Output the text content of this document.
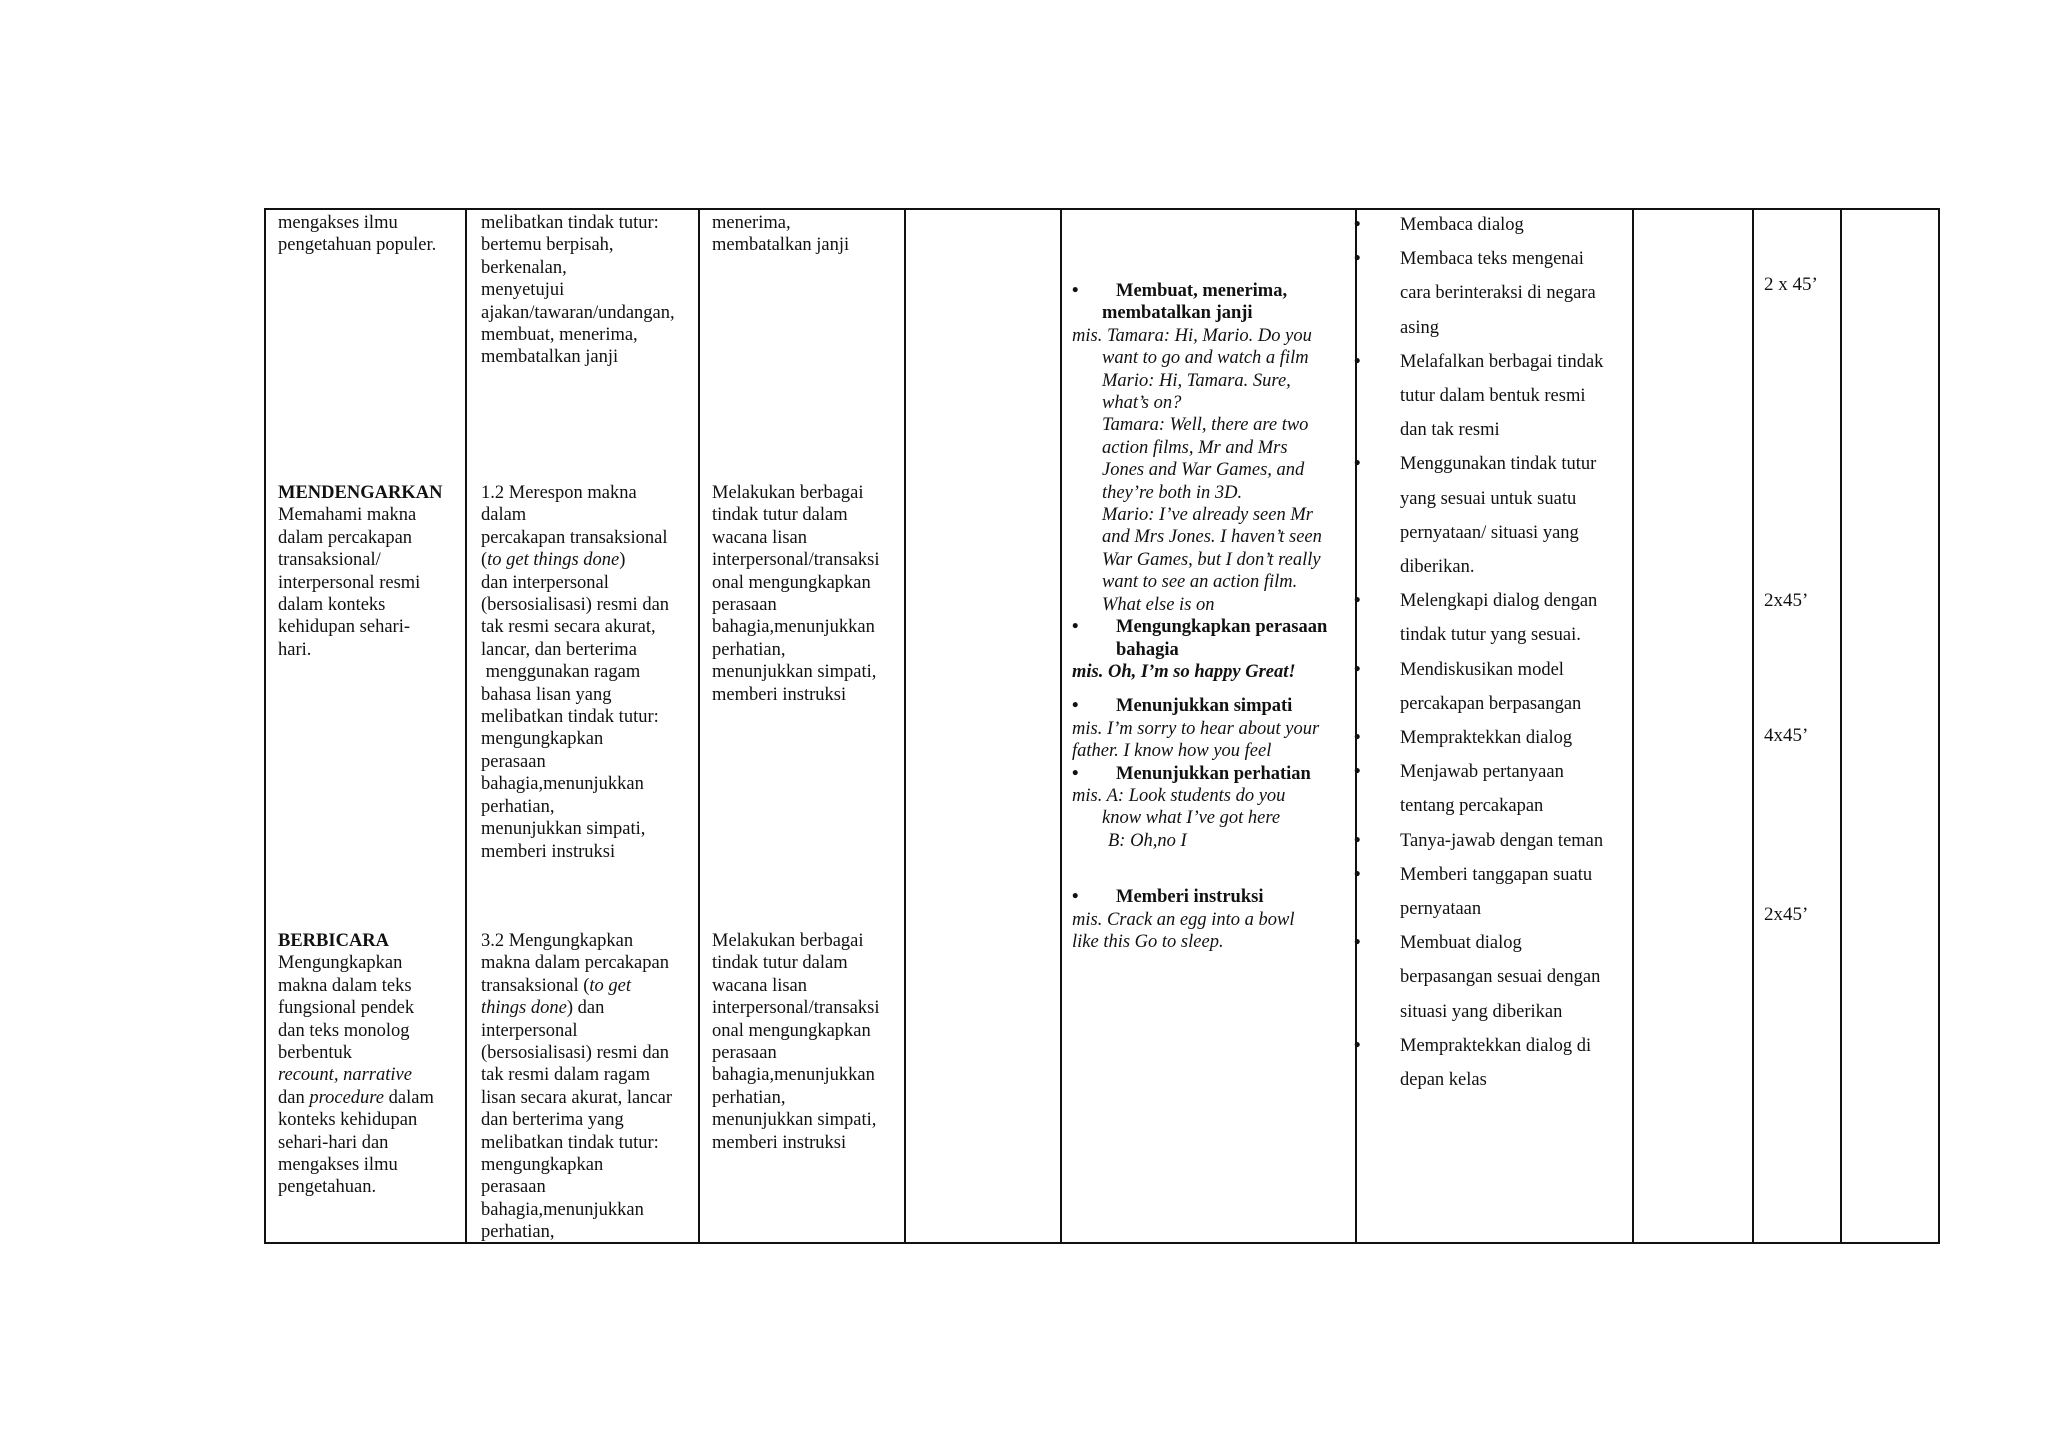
mengakses ilmu
pengetahuan populer.
MENDENGARKAN
Memahami makna
dalam percakapan
transaksional/
interpersonal resmi
dalam konteks
kehidupan sehari-
hari.
BERBICARA
Mengungkapkan
makna dalam teks
fungsional pendek
dan teks monolog
berbentuk
recount, narrative
dan procedure dalam
konteks kehidupan
sehari-hari dan
mengakses ilmu
pengetahuan.
melibatkan tindak tutur:
bertemu berpisah,
berkenalan,
menyetujui
ajakan/tawaran/undangan,
membuat, menerima,
membatalkan janji
1.2 Merespon makna
dalam
percakapan transaksional
(to get things done)
dan interpersonal
(bersosialisasi) resmi dan
tak resmi secara akurat,
lancar, dan berterima
menggunakan ragam
bahasa lisan yang
melibatkan tindak tutur:
mengungkapkan
perasaan
bahagia,menunjukkan
perhatian,
menunjukkan simpati,
memberi instruksi
3.2 Mengungkapkan
makna dalam percakapan
transaksional (to get
things done) dan
interpersonal
(bersosialisasi) resmi dan
tak resmi dalam ragam
lisan secara akurat, lancar
dan berterima yang
melibatkan tindak tutur:
mengungkapkan
perasaan
bahagia,menunjukkan
perhatian,
menerima,
membatalkan janji
Melakukan berbagai
tindak tutur dalam
wacana lisan
interpersonal/transaksi
onal mengungkapkan
perasaan
bahagia,menunjukkan
perhatian,
menunjukkan simpati,
memberi instruksi
Melakukan berbagai
tindak tutur dalam
wacana lisan
interpersonal/transaksi
onal mengungkapkan
perasaan
bahagia,menunjukkan
perhatian,
menunjukkan simpati,
memberi instruksi
• Membuat, menerima,
membatalkan janji
mis. Tamara: Hi, Mario. Do you
want to go and watch a film
Mario: Hi, Tamara. Sure,
what’s on?
Tamara: Well, there are two
action films, Mr and Mrs
Jones and War Games, and
they’re both in 3D.
Mario: I’ve already seen Mr
and Mrs Jones. I haven’t seen
War Games, but I don’t really
want to see an action film.
What else is on
• Mengungkapkan perasaan
bahagia
mis. Oh, I’m so happy Great!
• Menunjukkan simpati
mis. I’m sorry to hear about your
father. I know how you feel
• Menunjukkan perhatian
mis. A: Look students do you
know what I’ve got here
B: Oh,no I
• Memberi instruksi
mis. Crack an egg into a bowl
like this Go to sleep.
• Membaca dialog
• Membaca teks mengenai
cara berinteraksi di negara
asing
• Melafalkan berbagai tindak
tutur dalam bentuk resmi
dan tak resmi
• Menggunakan tindak tutur
yang sesuai untuk suatu
pernyataan/ situasi yang
diberikan.
• Melengkapi dialog dengan
tindak tutur yang sesuai.
• Mendiskusikan model
percakapan berpasangan
• Mempraktekkan dialog
• Menjawab pertanyaan
tentang percakapan
• Tanya-jawab dengan teman
• Memberi tanggapan suatu
pernyataan
• Membuat dialog
berpasangan sesuai dengan
situasi yang diberikan
• Mempraktekkan dialog di
depan kelas
2 x 45’
2x45’
4x45’
2x45’
